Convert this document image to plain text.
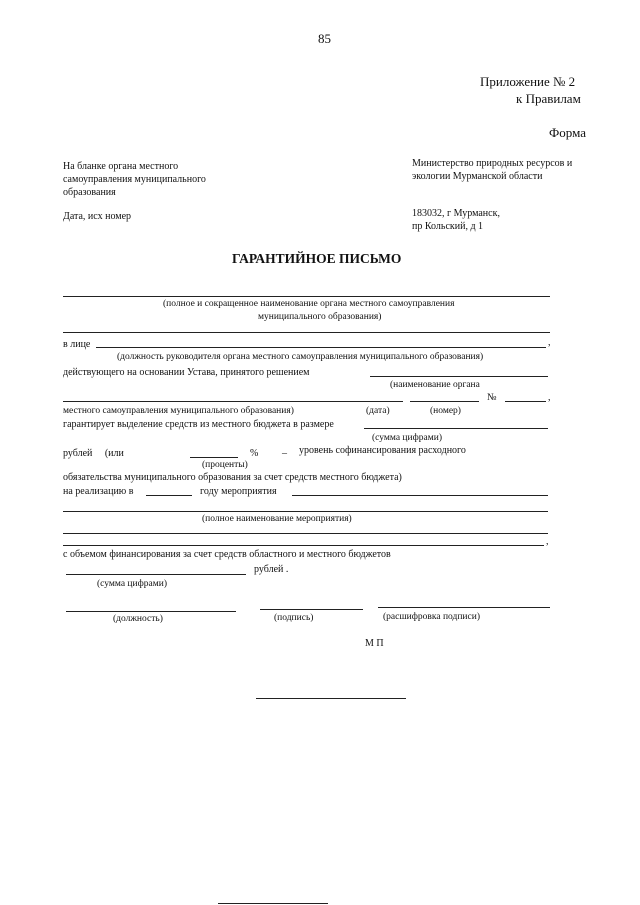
85
Приложение № 2
к Правилам
Форма
На бланке органа местного
самоуправления муниципального
образования
Дата, исх номер
Министерство природных ресурсов и
экологии Мурманской области
183032, г Мурманск,
пр Кольский, д 1
ГАРАНТИЙНОЕ ПИСЬМО
(полное и сокращенное наименование органа местного самоуправления
муниципального образования)
в лице	,
(должность руководителя органа местного самоуправления муниципального образования)
действующего на основании Устава, принятого решением
(наименование органа
№	,
местного самоуправления муниципального образования)	(дата)	(номер)
гарантирует выделение средств из местного бюджета в размере
(сумма цифрами)
рублей     (или	% – уровень софинансирования расходного
(проценты)
обязательства муниципального образования за счет средств местного бюджета)
на реализацию в	году мероприятия
(полное наименование мероприятия)
,
с объемом финансирования за счет средств областного и местного бюджетов
рублей .
(сумма цифрами)
(должность)	(подпись)	(расшифровка подписи)
М П
